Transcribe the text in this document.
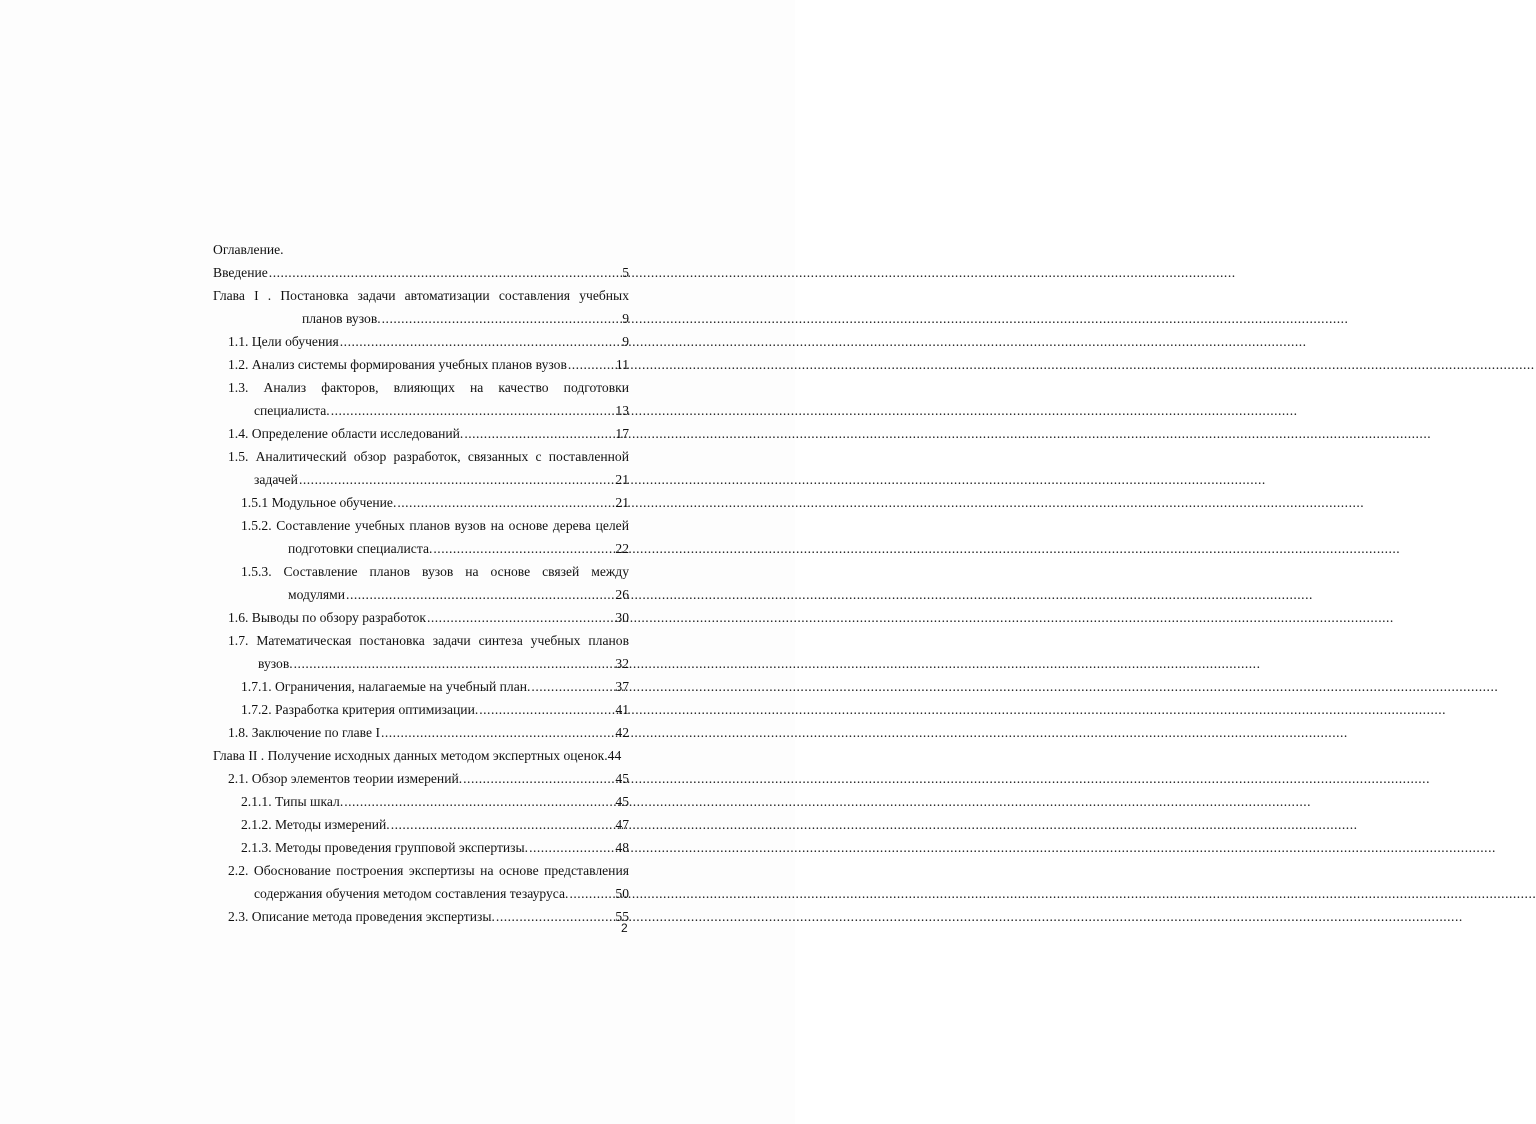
Оглавление.
Введение .....	5
Глава I . Постановка задачи автоматизации составления учебных
планов вузов. .....	9
1.1. Цели обучения .....	9
1.2. Анализ системы формирования учебных планов вузов .....	11
1.3. Анализ факторов, влияющих на качество подготовки
специалиста. .....	13
1.4. Определение области исследований. .....	17
1.5. Аналитический обзор разработок, связанных с поставленной
задачей .....	21
1.5.1 Модульное обучение. .....	21
1.5.2. Составление учебных планов вузов на основе дерева целей
подготовки специалиста. .....	22
1.5.3. Составление планов вузов на основе связей между
модулями .....	26
1.6. Выводы по обзору разработок .....	30
1.7. Математическая постановка задачи синтеза учебных планов
вузов. .....	32
1.7.1. Ограничения, налагаемые на учебный план. .....	37
1.7.2. Разработка критерия оптимизации. .....	41
1.8. Заключение по главе I .....	42
Глава II . Получение исходных данных методом экспертных оценок. 44
2.1. Обзор элементов теории измерений. .....	45
2.1.1. Типы шкал. .....	45
2.1.2. Методы измерений. .....	47
2.1.3. Методы проведения групповой экспертизы. .....	48
2.2. Обоснование построения экспертизы на основе представления
содержания обучения методом составления тезауруса. .....	50
2.3. Описание метода проведения экспертизы. .....	55
2
